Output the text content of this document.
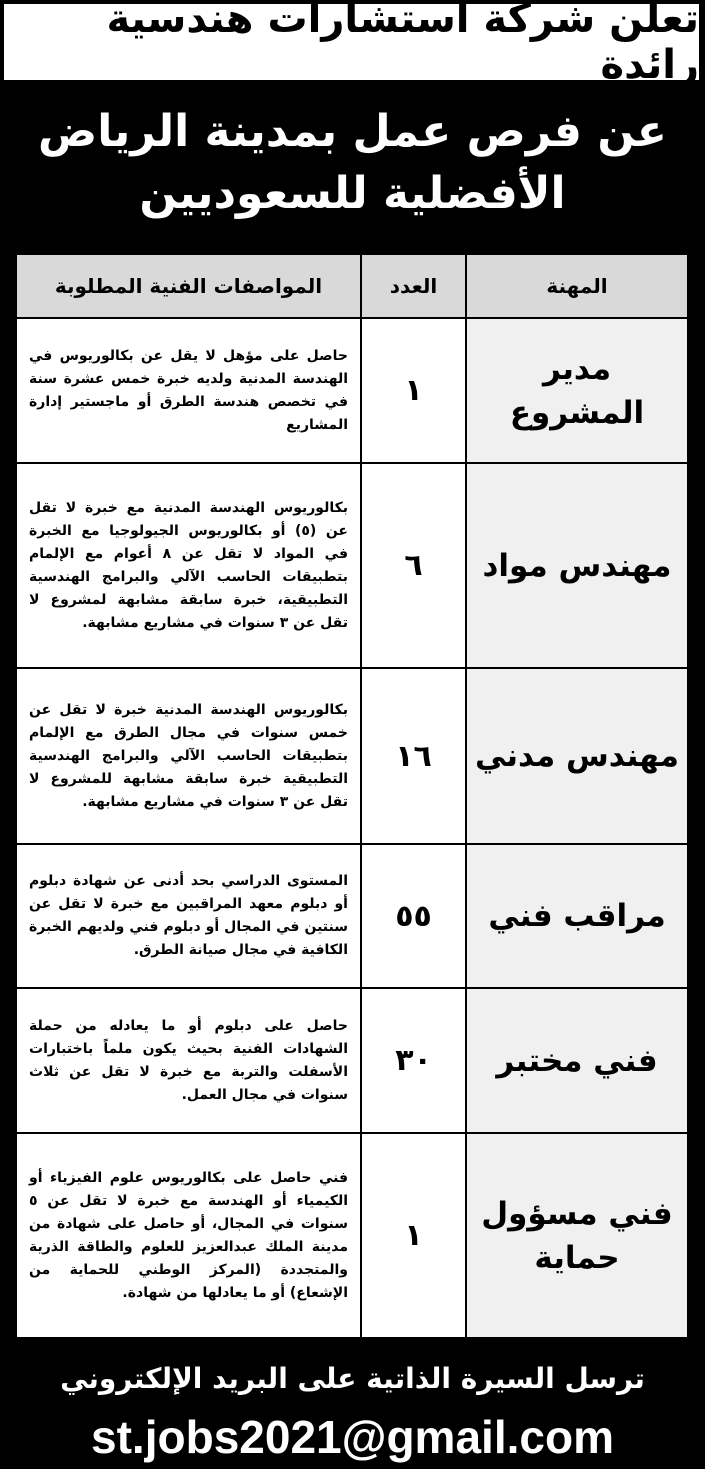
تعلن شركة استشارات هندسية رائدة
عن فرص عمل بمدينة الرياض
الأفضلية للسعوديين
المهنة	العدد	المواصفات الفنية المطلوبة
مدير المشروع	١	حاصل على مؤهل لا يقل عن بكالوريوس في الهندسة المدنية ولديه خبرة خمس عشرة سنة في تخصص هندسة الطرق أو ماجستير إدارة المشاريع
مهندس مواد	٦	بكالوريوس الهندسة المدنية مع خبرة لا تقل عن (٥) أو بكالوريوس الجيولوجيا مع الخبرة في المواد لا تقل عن ٨ أعوام مع الإلمام بتطبيقات الحاسب الآلي والبرامج الهندسية التطبيقية، خبرة سابقة مشابهة لمشروع لا تقل عن ٣ سنوات في مشاريع مشابهة.
مهندس مدني	١٦	بكالوريوس الهندسة المدنية خبرة لا تقل عن خمس سنوات في مجال الطرق مع الإلمام بتطبيقات الحاسب الآلي والبرامج الهندسية التطبيقية خبرة سابقة مشابهة للمشروع لا تقل عن ٣ سنوات في مشاريع مشابهة.
مراقب فني	٥٥	المستوى الدراسي بحد أدنى عن شهادة دبلوم أو دبلوم معهد المراقبين مع خبرة لا تقل عن سنتين في المجال أو دبلوم فني ولديهم الخبرة الكافية في مجال صيانة الطرق.
فني مختبر	٣٠	حاصل على دبلوم أو ما يعادله من حملة الشهادات الفنية بحيث يكون ملماً باختبارات الأسفلت والتربة مع خبرة لا تقل عن ثلاث سنوات في مجال العمل.
فني مسؤول حماية	١	فني حاصل على بكالوريوس علوم الفيزياء أو الكيمياء أو الهندسة مع خبرة لا تقل عن ٥ سنوات في المجال، أو حاصل على شهادة من مدينة الملك عبدالعزيز للعلوم والطاقة الذرية والمتجددة (المركز الوطني للحماية من الإشعاع) أو ما يعادلها من شهادة.
ترسل السيرة الذاتية على البريد الإلكتروني
st.jobs2021@gmail.com
